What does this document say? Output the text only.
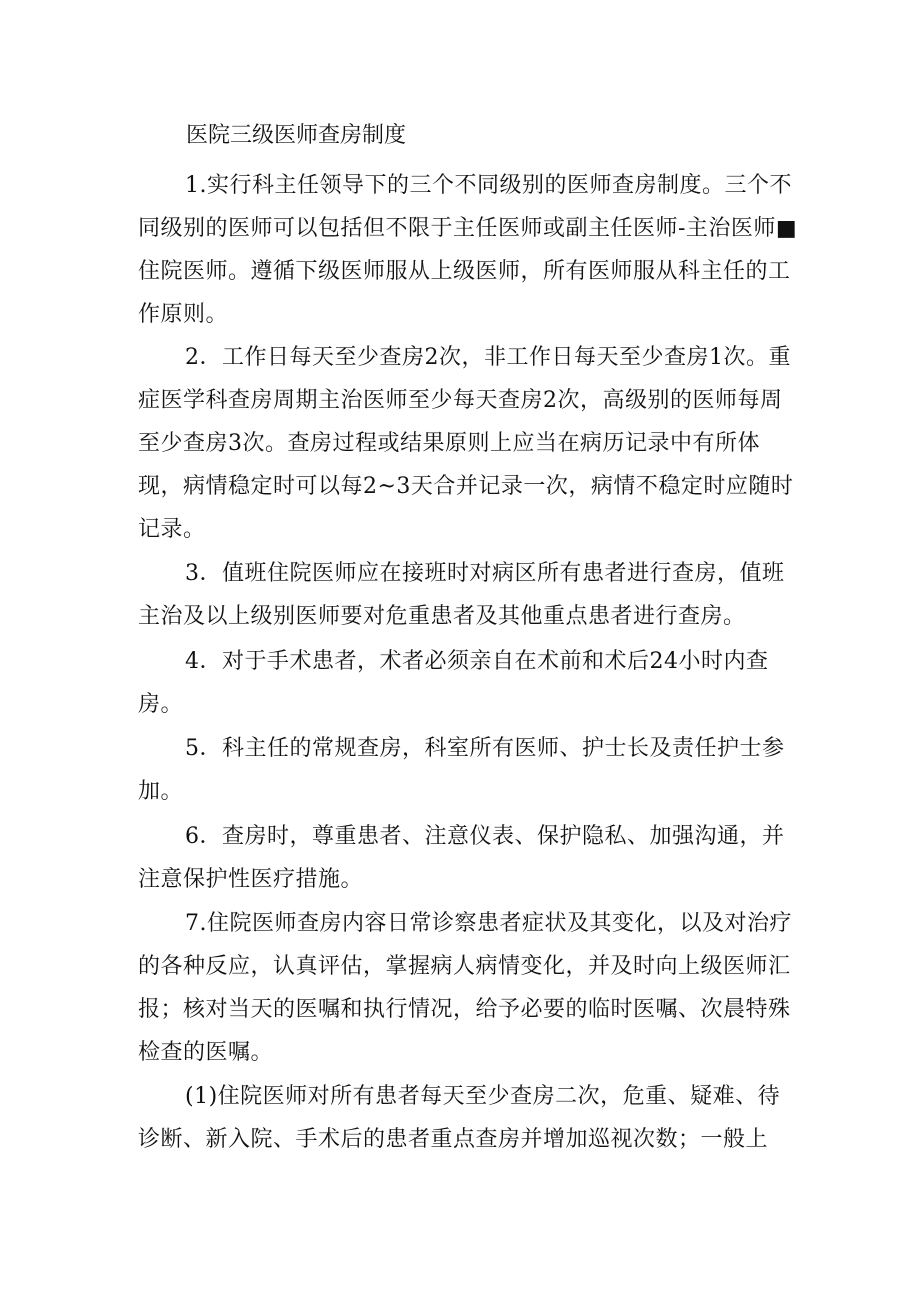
医院三级医师查房制度

1.实行科主任领导下的三个不同级别的医师查房制度。三个不同级别的医师可以包括但不限于主任医师或副主任医师-主治医师■住院医师。遵循下级医师服从上级医师，所有医师服从科主任的工作原则。

2．工作日每天至少查房2次，非工作日每天至少查房1次。重症医学科查房周期主治医师至少每天查房2次，高级别的医师每周至少查房3次。查房过程或结果原则上应当在病历记录中有所体现，病情稳定时可以每2~3天合并记录一次，病情不稳定时应随时记录。

3．值班住院医师应在接班时对病区所有患者进行查房，值班主治及以上级别医师要对危重患者及其他重点患者进行查房。

4．对于手术患者，术者必须亲自在术前和术后24小时内查房。

5．科主任的常规查房，科室所有医师、护士长及责任护士参加。

6．查房时，尊重患者、注意仪表、保护隐私、加强沟通，并注意保护性医疗措施。

7.住院医师查房内容日常诊察患者症状及其变化，以及对治疗的各种反应，认真评估，掌握病人病情变化，并及时向上级医师汇报；核对当天的医嘱和执行情况，给予必要的临时医嘱、次晨特殊检查的医嘱。

(1)住院医师对所有患者每天至少查房二次，危重、疑难、待诊断、新入院、手术后的患者重点查房并增加巡视次数；一般上
